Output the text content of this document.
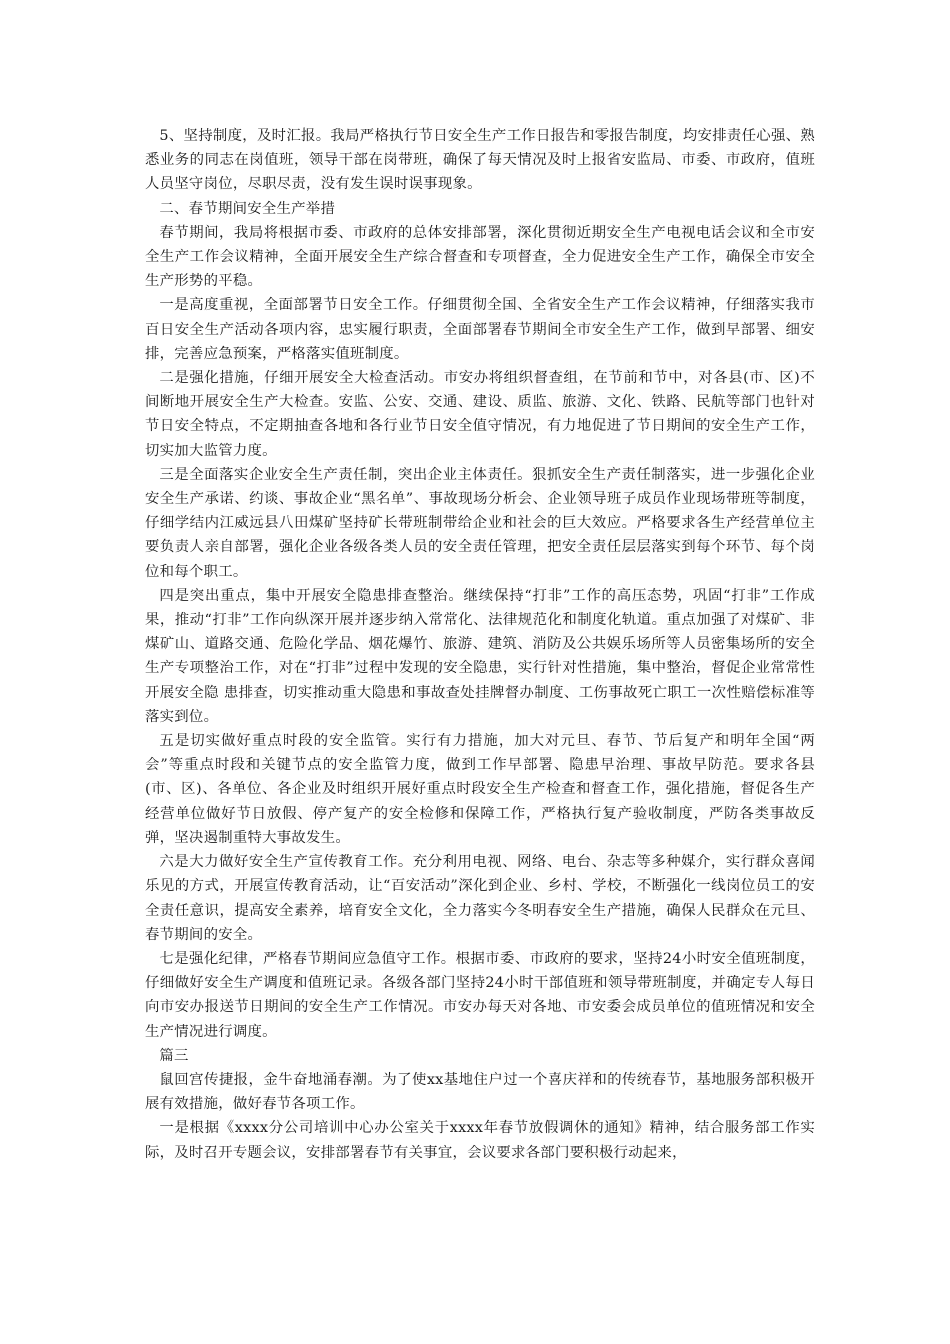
5、坚持制度，及时汇报。我局严格执行节日安全生产工作日报告和零报告制度，均安排责任心强、熟悉业务的同志在岗值班，领导干部在岗带班，确保了每天情况及时上报省安监局、市委、市政府，值班人员坚守岗位，尽职尽责，没有发生误时误事现象。

二、春节期间安全生产举措

春节期间，我局将根据市委、市政府的总体安排部署，深化贯彻近期安全生产电视电话会议和全市安全生产工作会议精神，全面开展安全生产综合督查和专项督查，全力促进安全生产工作，确保全市安全生产形势的平稳。

一是高度重视，全面部署节日安全工作。仔细贯彻全国、全省安全生产工作会议精神，仔细落实我市百日安全生产活动各项内容，忠实履行职责，全面部署春节期间全市安全生产工作，做到早部署、细安排，完善应急预案，严格落实值班制度。

二是强化措施，仔细开展安全大检查活动。市安办将组织督查组，在节前和节中，对各县(市、区)不间断地开展安全生产大检查。安监、公安、交通、建设、质监、旅游、文化、铁路、民航等部门也针对节日安全特点，不定期抽查各地和各行业节日安全值守情况，有力地促进了节日期间的安全生产工作，切实加大监管力度。

三是全面落实企业安全生产责任制，突出企业主体责任。狠抓安全生产责任制落实，进一步强化企业安全生产承诺、约谈、事故企业“黑名单”、事故现场分析会、企业领导班子成员作业现场带班等制度，仔细学结内江威远县八田煤矿坚持矿长带班制带给企业和社会的巨大效应。严格要求各生产经营单位主要负责人亲自部署，强化企业各级各类人员的安全责任管理，把安全责任层层落实到每个环节、每个岗位和每个职工。

四是突出重点，集中开展安全隐患排查整治。继续保持“打非”工作的高压态势，巩固“打非”工作成果，推动“打非”工作向纵深开展并逐步纳入常常化、法律规范化和制度化轨道。重点加强了对煤矿、非煤矿山、道路交通、危险化学品、烟花爆竹、旅游、建筑、消防及公共娱乐场所等人员密集场所的安全生产专项整治工作，对在“打非”过程中发现的安全隐患，实行针对性措施，集中整治，督促企业常常性开展安全隐 患排查，切实推动重大隐患和事故查处挂牌督办制度、工伤事故死亡职工一次性赔偿标准等落实到位。

五是切实做好重点时段的安全监管。实行有力措施，加大对元旦、春节、节后复产和明年全国“两会”等重点时段和关键节点的安全监管力度，做到工作早部署、隐患早治理、事故早防范。要求各县(市、区)、各单位、各企业及时组织开展好重点时段安全生产检查和督查工作，强化措施，督促各生产经营单位做好节日放假、停产复产的安全检修和保障工作，严格执行复产验收制度，严防各类事故反弹，坚决遏制重特大事故发生。

六是大力做好安全生产宣传教育工作。充分利用电视、网络、电台、杂志等多种媒介，实行群众喜闻乐见的方式，开展宣传教育活动，让“百安活动”深化到企业、乡村、学校，不断强化一线岗位员工的安全责任意识，提高安全素养，培育安全文化，全力落实今冬明春安全生产措施，确保人民群众在元旦、春节期间的安全。

七是强化纪律，严格春节期间应急值守工作。根据市委、市政府的要求，坚持24小时安全值班制度，仔细做好安全生产调度和值班记录。各级各部门坚持24小时干部值班和领导带班制度，并确定专人每日向市安办报送节日期间的安全生产工作情况。市安办每天对各地、市安委会成员单位的值班情况和安全生产情况进行调度。

篇三

鼠回宫传捷报，金牛奋地涌春潮。为了使xx基地住户过一个喜庆祥和的传统春节，基地服务部积极开展有效措施，做好春节各项工作。

一是根据《xxxx分公司培训中心办公室关于xxxx年春节放假调休的通知》精神，结合服务部工作实际，及时召开专题会议，安排部署春节有关事宜，会议要求各部门要积极行动起来，
